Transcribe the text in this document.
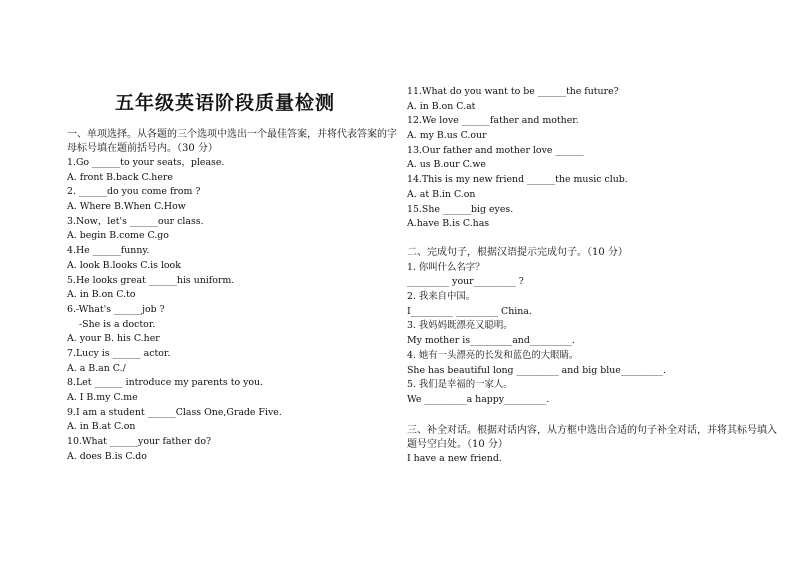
五年级英语阶段质量检测
一、单项选择。从各题的三个选项中选出一个最佳答案，并将代表答案的字母标号填在题前括号内。（30 分）
1.Go ______to your seats，please.
A. front B.back C.here
2. ______do you come from ?
A. Where B.When C.How
3.Now，let's ______our class.
A. begin B.come C.go
4.He ______funny.
A. look B.looks C.is look
5.He looks great ______his uniform.
A. in B.on C.to
6.-What's ______job ?
-She is a doctor.
A. your B. his C.her
7.Lucy is ______ actor.
A. a B.an C./
8.Let ______ introduce my parents to you.
A. I B.my C.me
9.I am a student ______Class One,Grade Five.
A. in B.at C.on
10.What ______your father do?
A. does B.is C.do
11.What do you want to be ______the future?
A. in B.on C.at
12.We love ______father and mother.
A. my B.us C.our
13.Our father and mother love ______
A. us B.our C.we
14.This is my new friend ______the music club.
A. at B.in C.on
15.She ______big eyes.
A.have B.is C.has
二、完成句子，根据汉语提示完成句子。（10 分）
1. 你叫什么名字？
_________ your_________ ?
2. 我来自中国。
I_________ _________ China.
3. 我妈妈既漂亮又聪明。
My mother is_________and_________.
4. 她有一头漂亮的长发和蓝色的大眼睛。
She has beautiful long _________ and big blue_________.
5. 我们是幸福的一家人。
We _________a happy_________.
三、补全对话。根据对话内容，从方框中选出合适的句子补全对话，并将其标号填入题号空白处。（10 分）
I have a new friend.
